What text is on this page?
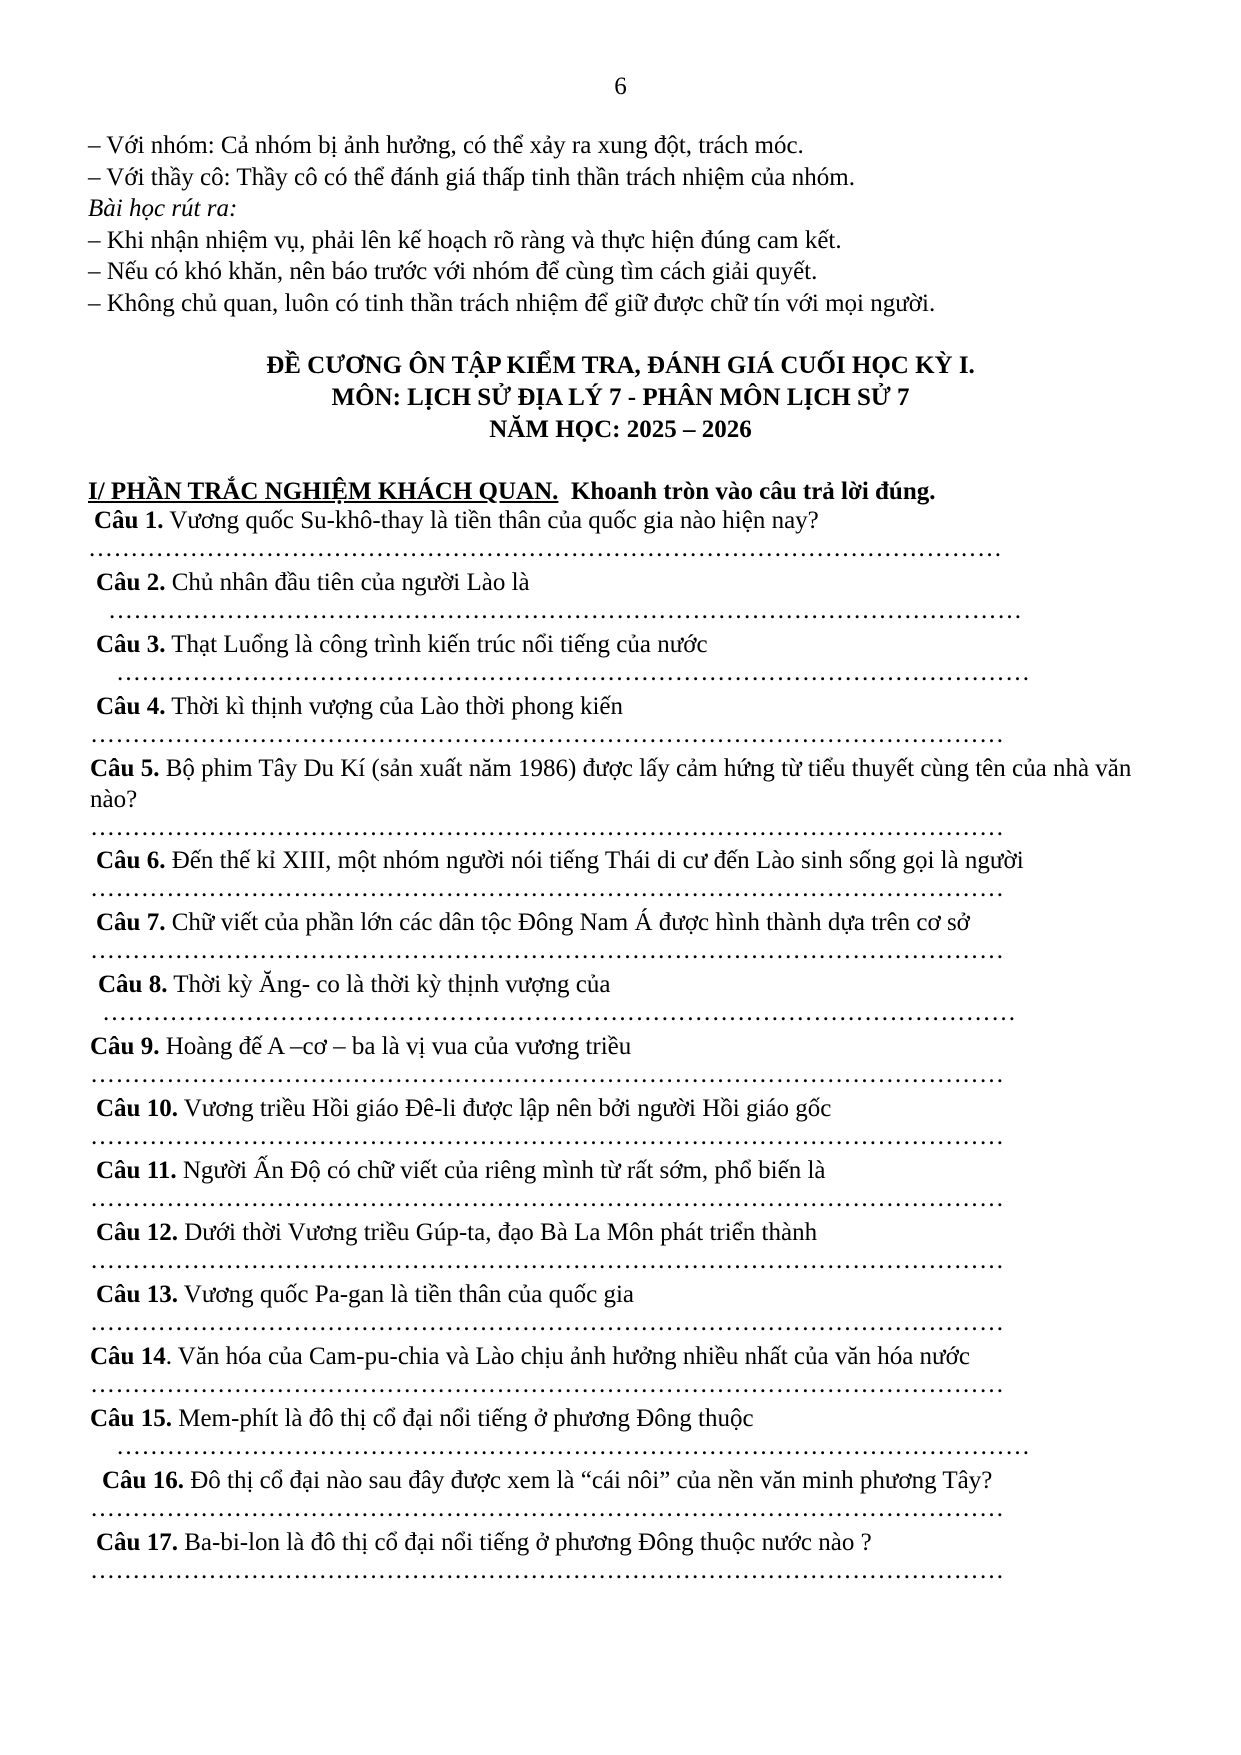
6
– Với nhóm: Cả nhóm bị ảnh hưởng, có thể xảy ra xung đột, trách móc.
– Với thầy cô: Thầy cô có thể đánh giá thấp tinh thần trách nhiệm của nhóm.
Bài học rút ra:
– Khi nhận nhiệm vụ, phải lên kế hoạch rõ ràng và thực hiện đúng cam kết.
– Nếu có khó khăn, nên báo trước với nhóm để cùng tìm cách giải quyết.
– Không chủ quan, luôn có tinh thần trách nhiệm để giữ được chữ tín với mọi người.
ĐỀ CƯƠNG ÔN TẬP KIỂM TRA, ĐÁNH GIÁ CUỐI HỌC KỲ I.
MÔN: LỊCH SỬ ĐỊA LÝ 7 - PHÂN MÔN LỊCH SỬ 7
NĂM HỌC: 2025 – 2026
I/ PHẦN TRẮC NGHIỆM KHÁCH QUAN. Khoanh tròn vào câu trả lời đúng.
Câu 1. Vương quốc Su-khô-thay là tiền thân của quốc gia nào hiện nay?
………………………………………………………………………………………………
Câu 2. Chủ nhân đầu tiên của người Lào là
………………………………………………………………………………………………
Câu 3. Thạt Luổng là công trình kiến trúc nổi tiếng của nước
………………………………………………………………………………………………
Câu 4. Thời kì thịnh vượng của Lào thời phong kiến
………………………………………………………………………………………………
Câu 5. Bộ phim Tây Du Kí (sản xuất năm 1986) được lấy cảm hứng từ tiểu thuyết cùng tên của nhà văn nào?
………………………………………………………………………………………………
Câu 6. Đến thế kỉ XIII, một nhóm người nói tiếng Thái di cư đến Lào sinh sống gọi là người
………………………………………………………………………………………………
Câu 7. Chữ viết của phần lớn các dân tộc Đông Nam Á được hình thành dựa trên cơ sở
………………………………………………………………………………………………
Câu 8. Thời kỳ Ăng- co là thời kỳ thịnh vượng của
………………………………………………………………………………………………
Câu 9. Hoàng đế A –cơ – ba là vị vua của vương triều
………………………………………………………………………………………………
Câu 10. Vương triều Hồi giáo Đê-li được lập nên bởi người Hồi giáo gốc
………………………………………………………………………………………………
Câu 11. Người Ấn Độ có chữ viết của riêng mình từ rất sớm, phổ biến là
………………………………………………………………………………………………
Câu 12. Dưới thời Vương triều Gúp-ta, đạo Bà La Môn phát triển thành
………………………………………………………………………………………………
Câu 13. Vương quốc Pa-gan là tiền thân của quốc gia
………………………………………………………………………………………………
Câu 14. Văn hóa của Cam-pu-chia và Lào chịu ảnh hưởng nhiều nhất của văn hóa nước
………………………………………………………………………………………………
Câu 15. Mem-phít là đô thị cổ đại nổi tiếng ở phương Đông thuộc
………………………………………………………………………………………………
Câu 16. Đô thị cổ đại nào sau đây được xem là “cái nôi” của nền văn minh phương Tây?
………………………………………………………………………………………………
Câu 17. Ba-bi-lon là đô thị cổ đại nổi tiếng ở phương Đông thuộc nước nào ?
………………………………………………………………………………………………
